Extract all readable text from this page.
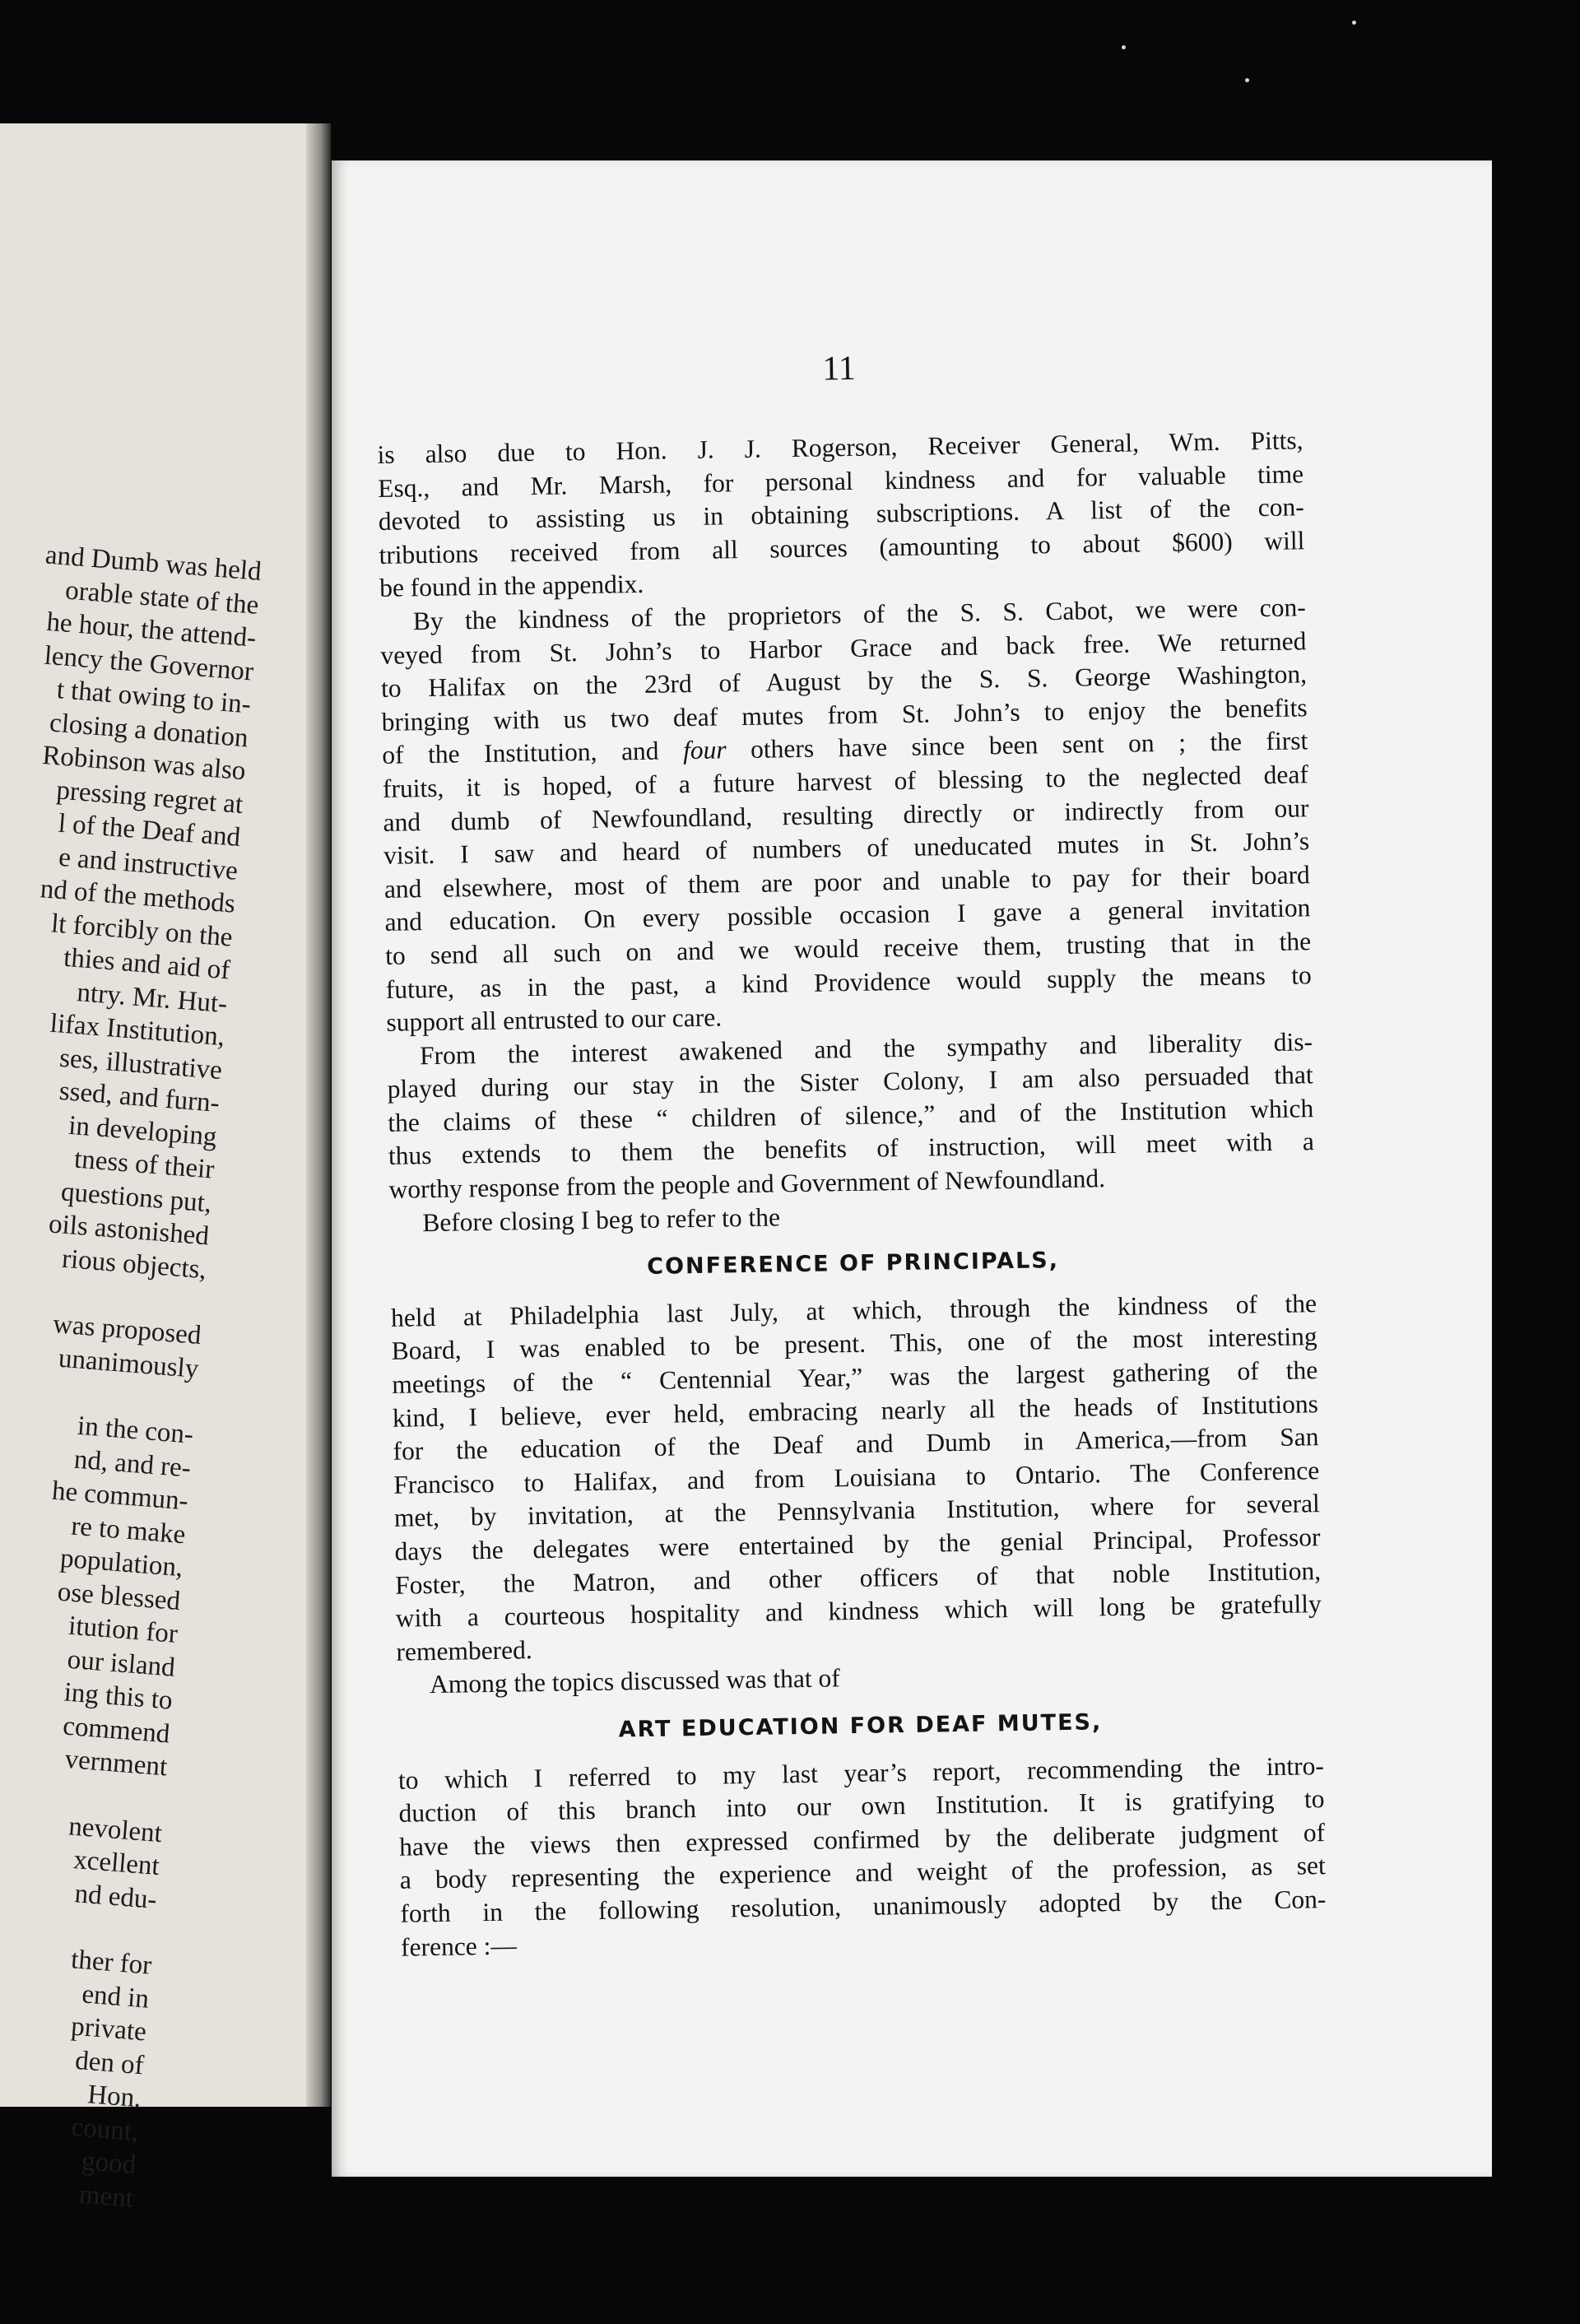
and Dumb was held
orable state of the
he hour, the attend-
lency the Governor
t that owing to in-
closing a donation
Robinson was also
pressing regret at
l of the Deaf and
e and instructive
nd of the methods
lt forcibly on the
thies and aid of
ntry. Mr. Hut-
lifax Institution,
ses, illustrative
ssed, and furn-
in developing
tness of their
questions put,
oils astonished
rious objects,
was proposed
unanimously
in the con-
nd, and re-
he commun-
re to make
population,
ose blessed
itution for
our island
ing this to
commend
vernment
nevolent
xcellent
nd edu-
ther for
end in
private
den of
Hon.
count,
good
ment
11
is also due to Hon. J. J. Rogerson, Receiver General, Wm. Pitts,
Esq., and Mr. Marsh, for personal kindness and for valuable time
devoted to assisting us in obtaining subscriptions. A list of the con-
tributions received from all sources (amounting to about $600) will
be found in the appendix.
By the kindness of the proprietors of the S. S. Cabot, we were con-
veyed from St. John’s to Harbor Grace and back free. We returned
to Halifax on the 23rd of August by the S. S. George Washington,
bringing with us two deaf mutes from St. John’s to enjoy the benefits
of the Institution, and four others have since been sent on ; the first
fruits, it is hoped, of a future harvest of blessing to the neglected deaf
and dumb of Newfoundland, resulting directly or indirectly from our
visit. I saw and heard of numbers of uneducated mutes in St. John’s
and elsewhere, most of them are poor and unable to pay for their board
and education. On every possible occasion I gave a general invitation
to send all such on and we would receive them, trusting that in the
future, as in the past, a kind Providence would supply the means to
support all entrusted to our care.
From the interest awakened and the sympathy and liberality dis-
played during our stay in the Sister Colony, I am also persuaded that
the claims of these “ children of silence,” and of the Institution which
thus extends to them the benefits of instruction, will meet with a
worthy response from the people and Government of Newfoundland.
Before closing I beg to refer to the
CONFERENCE OF PRINCIPALS,
held at Philadelphia last July, at which, through the kindness of the
Board, I was enabled to be present. This, one of the most interesting
meetings of the “ Centennial Year,” was the largest gathering of the
kind, I believe, ever held, embracing nearly all the heads of Institutions
for the education of the Deaf and Dumb in America,—from San
Francisco to Halifax, and from Louisiana to Ontario. The Conference
met, by invitation, at the Pennsylvania Institution, where for several
days the delegates were entertained by the genial Principal, Professor
Foster, the Matron, and other officers of that noble Institution,
with a courteous hospitality and kindness which will long be gratefully
remembered.
Among the topics discussed was that of
ART EDUCATION FOR DEAF MUTES,
to which I referred to my last year’s report, recommending the intro-
duction of this branch into our own Institution. It is gratifying to
have the views then expressed confirmed by the deliberate judgment of
a body representing the experience and weight of the profession, as set
forth in the following resolution, unanimously adopted by the Con-
ference :—
